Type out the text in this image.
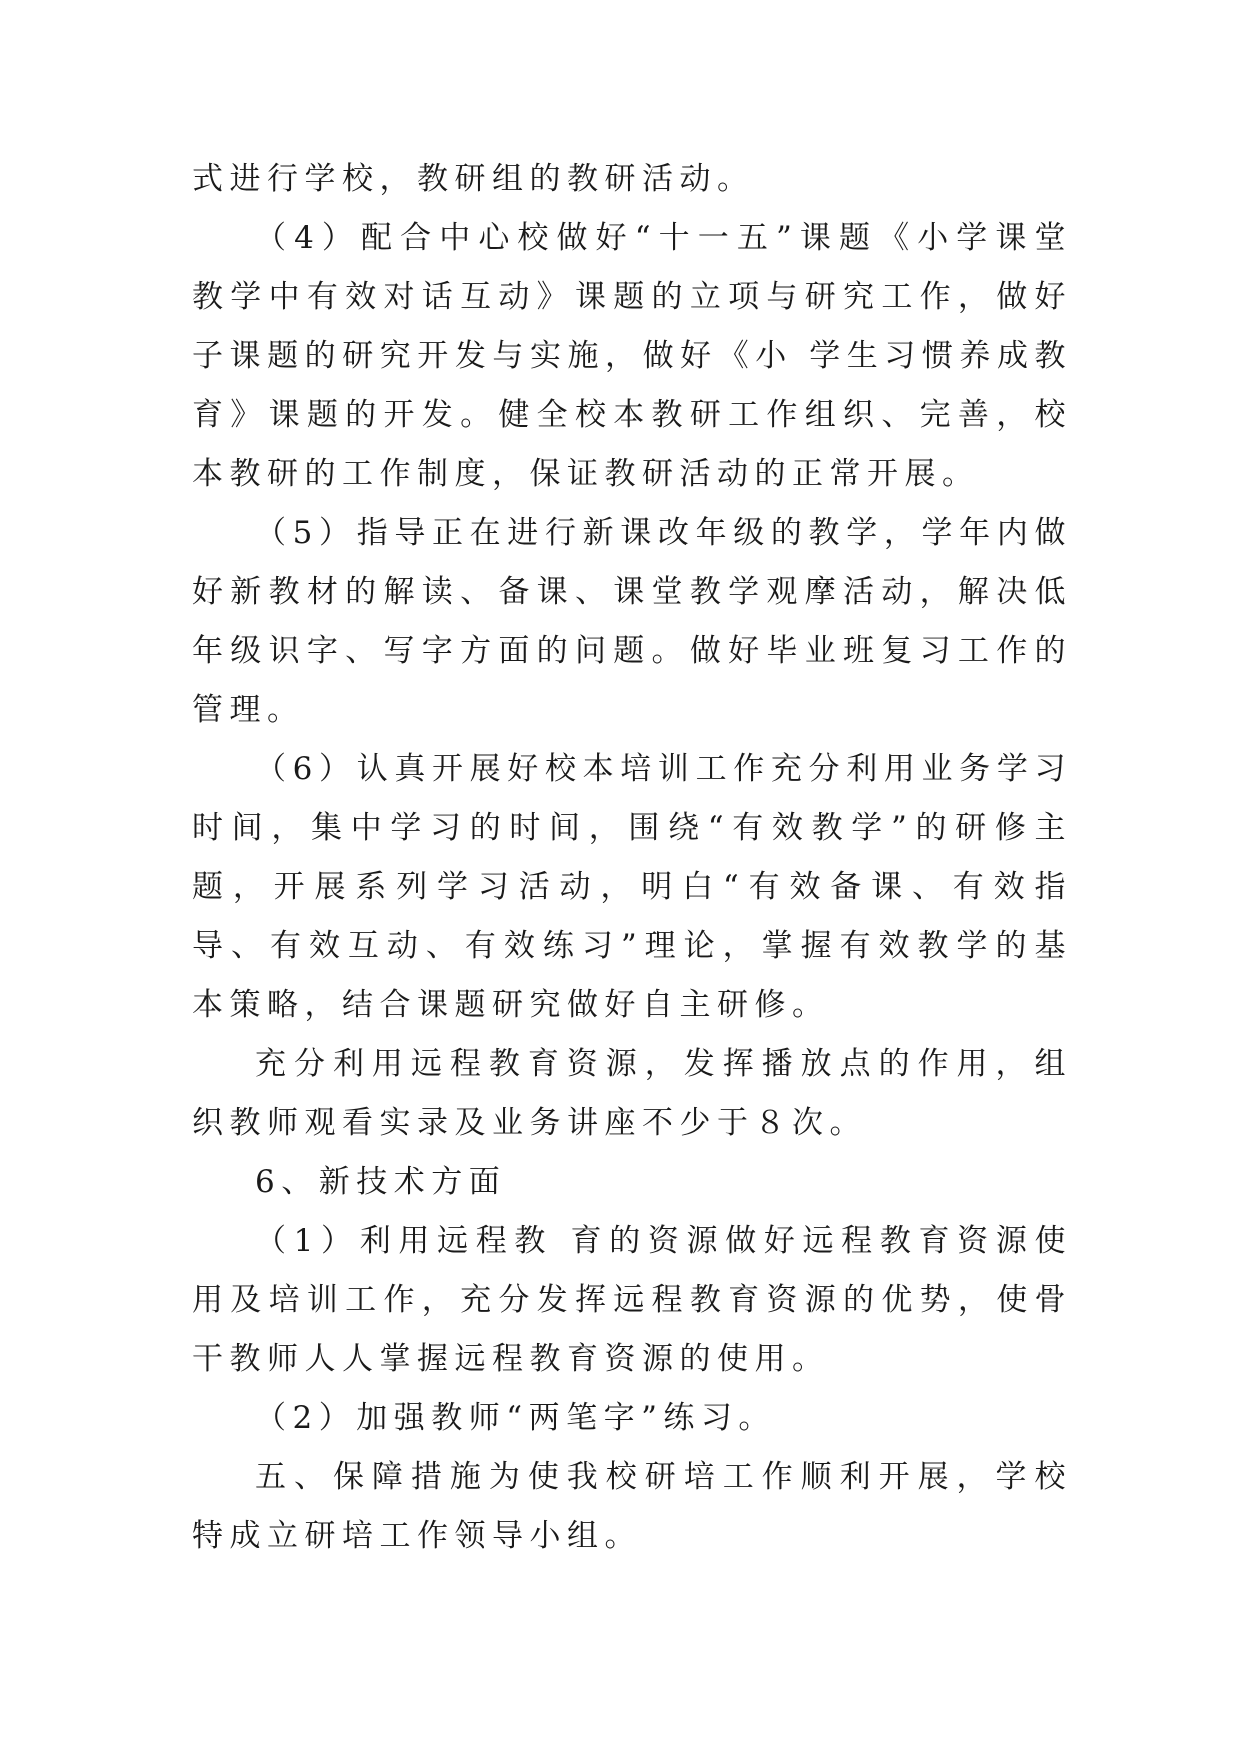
式进行学校，教研组的教研活动。

（4）配合中心校做好“十一五”课题《小学课堂教学中有效对话互动》课题的立项与研究工作，做好子课题的研究开发与实施，做好《小 学生习惯养成教育》课题的开发。健全校本教研工作组织、完善，校本教研的工作制度，保证教研活动的正常开展。

（5）指导正在进行新课改年级的教学，学年内做好新教材的解读、备课、课堂教学观摩活动，解决低年级识字、写字方面的问题。做好毕业班复习工作的管理。

（6）认真开展好校本培训工作充分利用业务学习时间，集中学习的时间，围绕“有效教学”的研修主题，开展系列学习活动，明白“有效备课、有效指导、有效互动、有效练习”理论，掌握有效教学的基本策略，结合课题研究做好自主研修。

充分利用远程教育资源，发挥播放点的作用，组织教师观看实录及业务讲座不少于８次。

6、新技术方面

（1）利用远程教 育的资源做好远程教育资源使用及培训工作，充分发挥远程教育资源的优势，使骨干教师人人掌握远程教育资源的使用。

（2）加强教师“两笔字”练习。

五、保障措施为使我校研培工作顺利开展，学校特成立研培工作领导小组。
